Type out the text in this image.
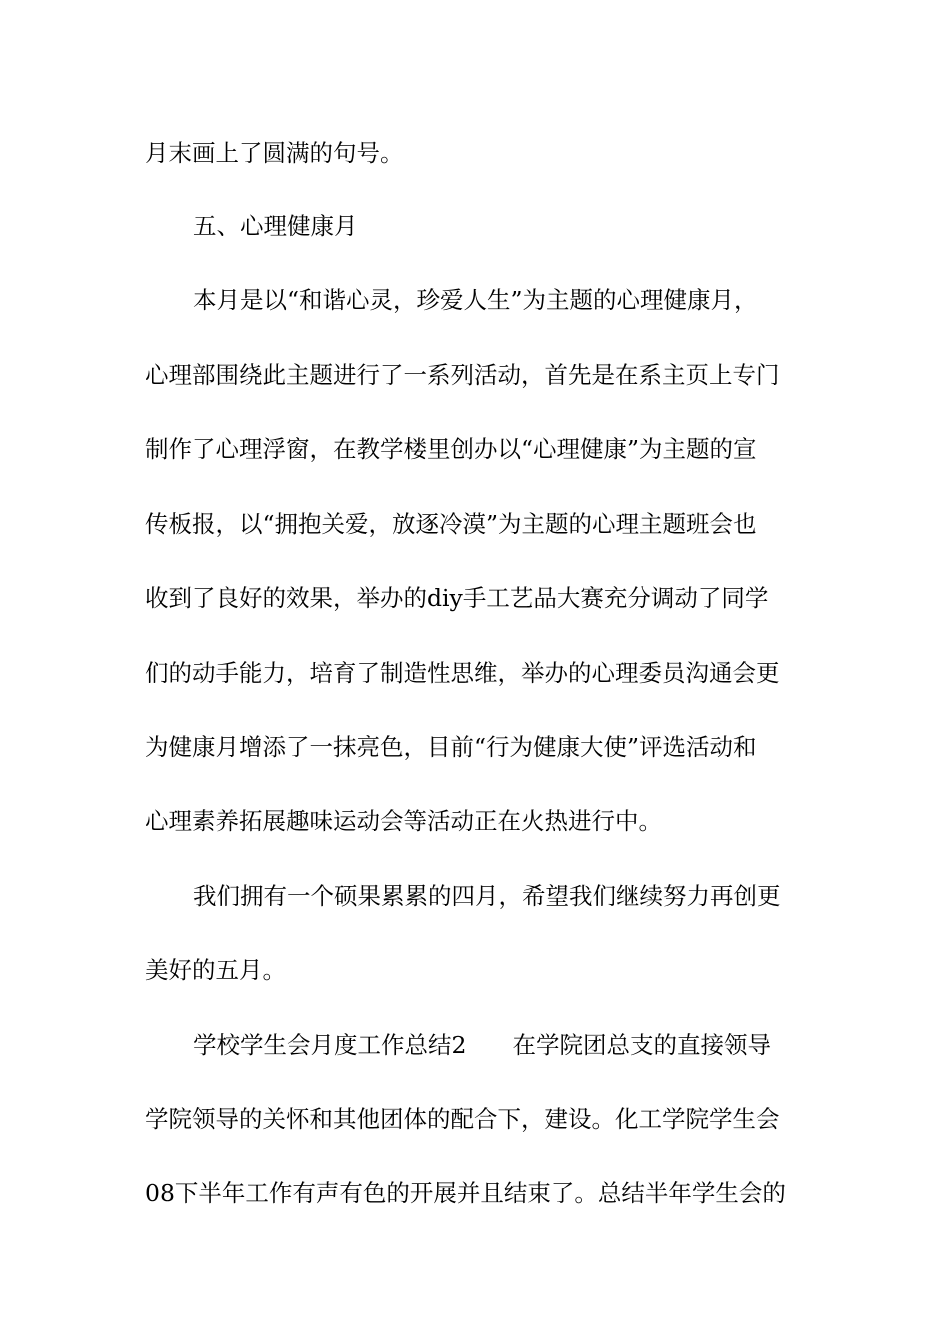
月末画上了圆满的句号。
五、心理健康月
本月是以“和谐心灵，珍爱人生”为主题的心理健康月，
心理部围绕此主题进行了一系列活动，首先是在系主页上专门
制作了心理浮窗，在教学楼里创办以“心理健康”为主题的宣
传板报，以“拥抱关爱，放逐冷漠”为主题的心理主题班会也
收到了良好的效果，举办的diy手工艺品大赛充分调动了同学
们的动手能力，培育了制造性思维，举办的心理委员沟通会更
为健康月增添了一抹亮色，目前“行为健康大使”评选活动和
心理素养拓展趣味运动会等活动正在火热进行中。
我们拥有一个硕果累累的四月，希望我们继续努力再创更
美好的五月。
学校学生会月度工作总结2 在学院团总支的直接领导
学院领导的关怀和其他团体的配合下，建设。化工学院学生会
08下半年工作有声有色的开展并且结束了。总结半年学生会的
